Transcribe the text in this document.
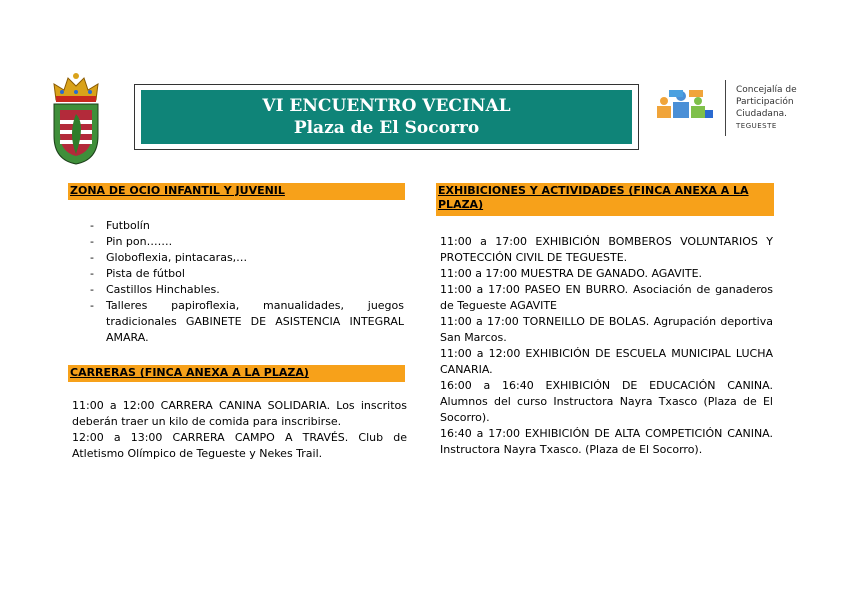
VI ENCUENTRO VECINAL
Plaza de El Socorro
Concejalía de
Participación
Ciudadana.
TEGUESTE
ZONA DE OCIO INFANTIL Y JUVENIL
- Futbolín
- Pin pon…….
- Globoflexia, pintacaras,…
- Pista de fútbol
- Castillos Hinchables.
- Talleres papiroflexia, manualidades, juegos tradicionales GABINETE DE ASISTENCIA INTEGRAL AMARA.
CARRERAS (FINCA ANEXA A LA PLAZA)

11:00 a 12:00 CARRERA CANINA SOLIDARIA. Los inscritos deberán traer un kilo de comida para inscribirse.

12:00 a 13:00 CARRERA CAMPO A TRAVÉS. Club de Atletismo Olímpico de Tegueste y Nekes Trail.

EXHIBICIONES Y ACTIVIDADES (FINCA ANEXA A LA PLAZA)

11:00 a 17:00 EXHIBICIÓN BOMBEROS VOLUNTARIOS Y PROTECCIÓN CIVIL DE TEGUESTE.

11:00 a 17:00 MUESTRA DE GANADO. AGAVITE.

11:00 a 17:00 PASEO EN BURRO. Asociación de ganaderos de Tegueste AGAVITE

11:00 a 17:00 TORNEILLO DE BOLAS. Agrupación deportiva San Marcos.

11:00 a 12:00 EXHIBICIÓN DE ESCUELA MUNICIPAL LUCHA CANARIA.

16:00 a 16:40 EXHIBICIÓN DE EDUCACIÓN CANINA. Alumnos del curso Instructora Nayra Txasco (Plaza de El Socorro).

16:40 a 17:00 EXHIBICIÓN DE ALTA COMPETICIÓN CANINA. Instructora Nayra Txasco. (Plaza de El Socorro).
